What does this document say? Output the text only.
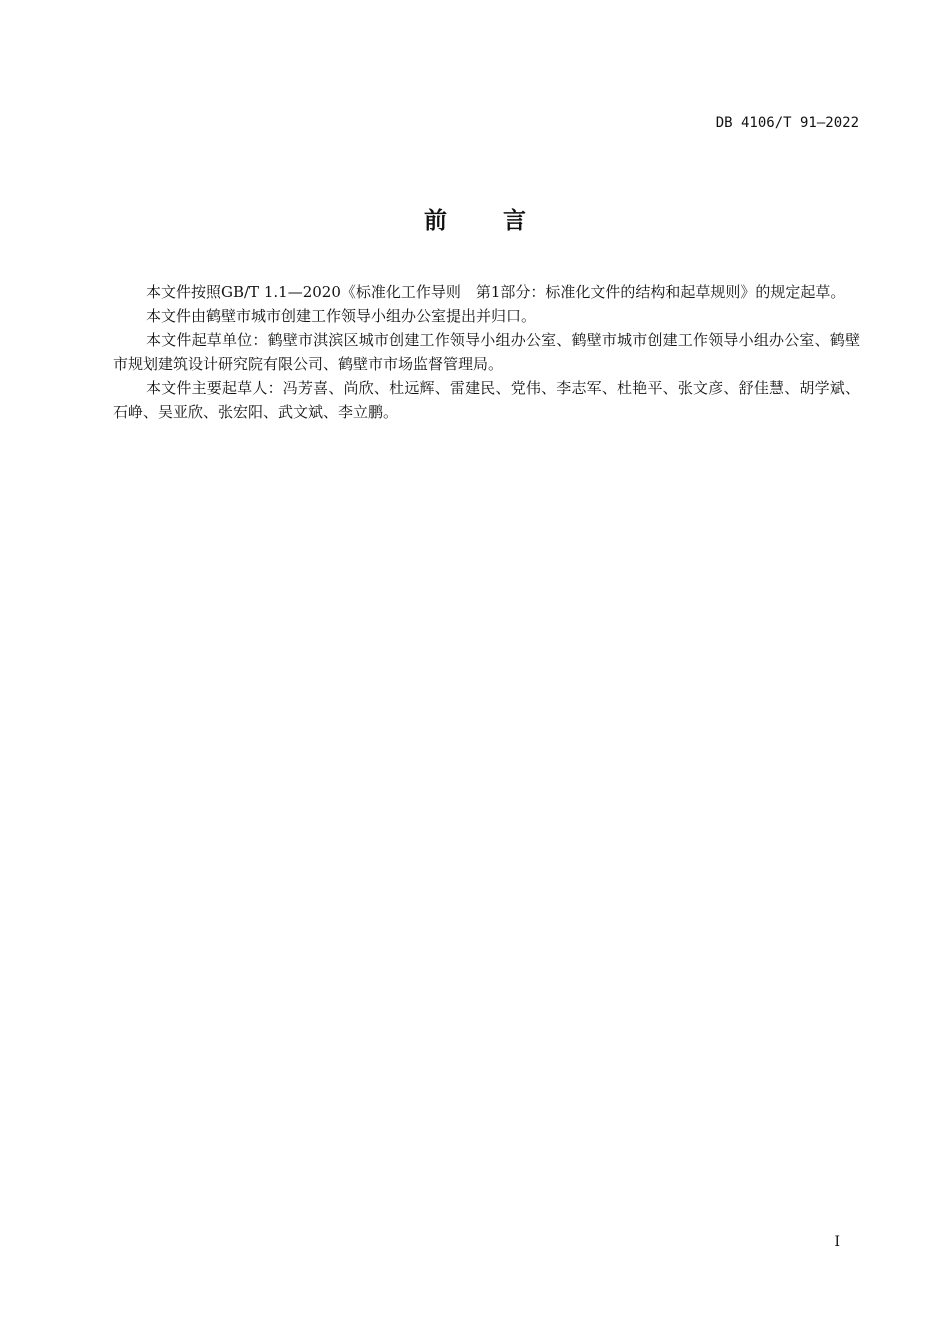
DB 4106/T 91—2022
前 言

本文件按照GB/T 1.1—2020《标准化工作导则　第1部分：标准化文件的结构和起草规则》的规定起草。

本文件由鹤壁市城市创建工作领导小组办公室提出并归口。

本文件起草单位：鹤壁市淇滨区城市创建工作领导小组办公室、鹤壁市城市创建工作领导小组办公室、鹤壁市规划建筑设计研究院有限公司、鹤壁市市场监督管理局。

本文件主要起草人：冯芳喜、尚欣、杜远辉、雷建民、党伟、李志军、杜艳平、张文彦、舒佳慧、胡学斌、石峥、吴亚欣、张宏阳、武文斌、李立鹏。

I
